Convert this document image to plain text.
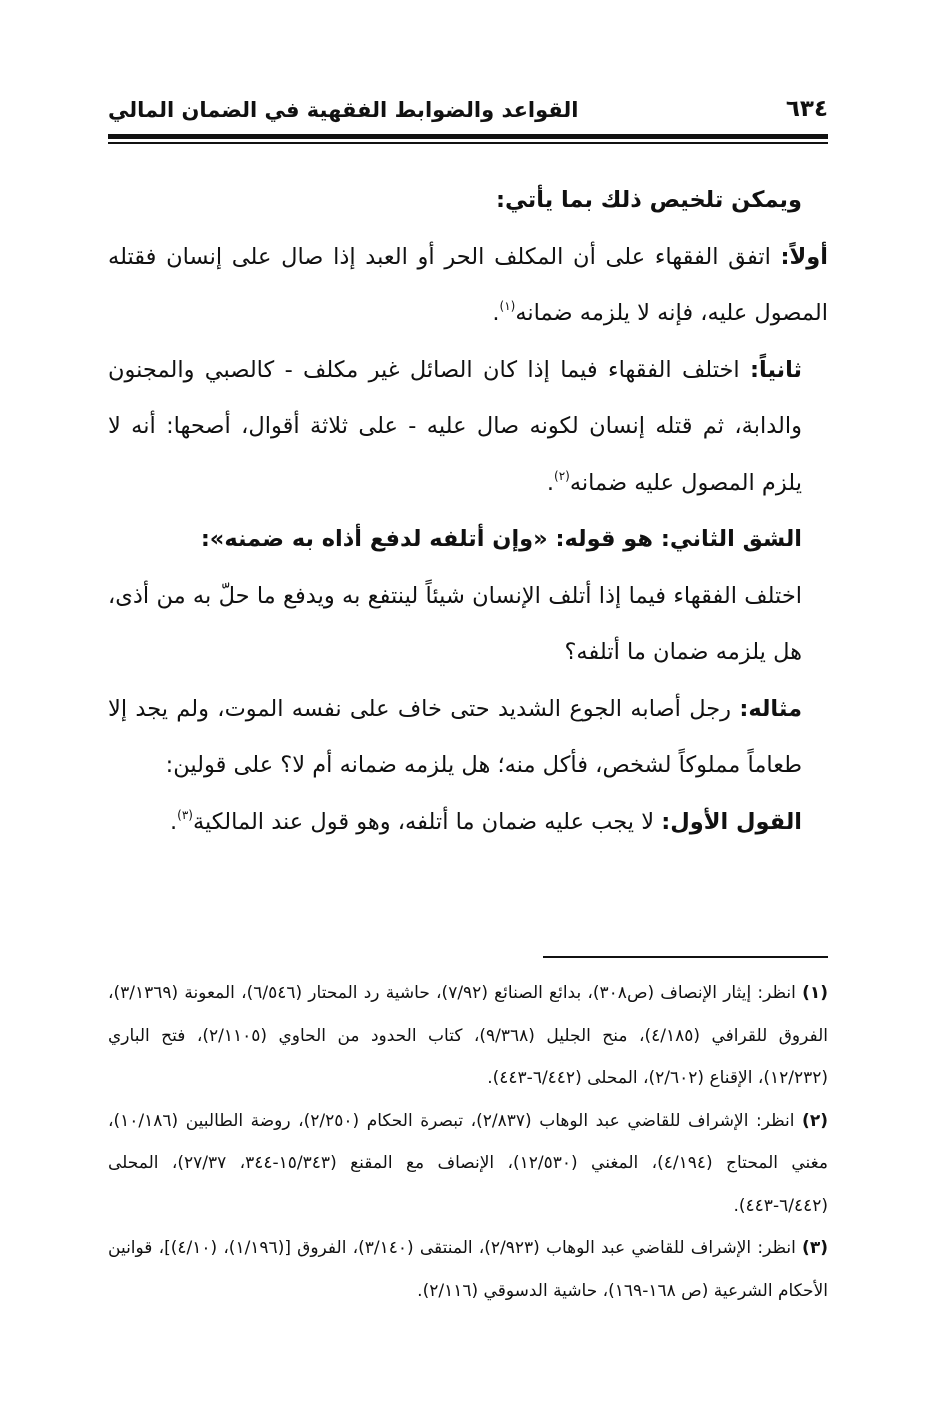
٦٣٤
القواعد والضوابط الفقهية في الضمان المالي

ويمكن تلخيص ذلك بما يأتي:

أولاً: اتفق الفقهاء على أن المكلف الحر أو العبد إذا صال على إنسان فقتله المصول عليه، فإنه لا يلزمه ضمانه$^{(١)}$.

ثانياً: اختلف الفقهاء فيما إذا كان الصائل غير مكلف - كالصبي والمجنون والدابة، ثم قتله إنسان لكونه صال عليه - على ثلاثة أقوال، أصحها: أنه لا يلزم المصول عليه ضمانه$^{(٢)}$.

الشق الثاني: هو قوله: «وإن أتلفه لدفع أذاه به ضمنه»:

اختلف الفقهاء فيما إذا أتلف الإنسان شيئاً لينتفع به ويدفع ما حلّ به من أذى، هل يلزمه ضمان ما أتلفه؟

مثاله: رجل أصابه الجوع الشديد حتى خاف على نفسه الموت، ولم يجد إلا طعاماً مملوكاً لشخص، فأكل منه؛ هل يلزمه ضمانه أم لا؟ على قولين:

القول الأول: لا يجب عليه ضمان ما أتلفه، وهو قول عند المالكية$^{(٣)}$.

(١) انظر: إيثار الإنصاف (ص٣٠٨)، بدائع الصنائع (٧/٩٢)، حاشية رد المحتار (٦/٥٤٦)، المعونة (٣/١٣٦٩)، الفروق للقرافي (٤/١٨٥)، منح الجليل (٩/٣٦٨)، كتاب الحدود من الحاوي (٢/١١٠٥)، فتح الباري (١٢/٢٣٢)، الإقناع (٢/٦٠٢)، المحلى (٦/٤٤٢-٤٤٣).

(٢) انظر: الإشراف للقاضي عبد الوهاب (٢/٨٣٧)، تبصرة الحكام (٢/٢٥٠)، روضة الطالبين (١٠/١٨٦)، مغني المحتاج (٤/١٩٤)، المغني (١٢/٥٣٠)، الإنصاف مع المقنع (١٥/٣٤٣-٣٤٤، ٢٧/٣٧)، المحلى (٦/٤٤٢-٤٤٣).

(٣) انظر: الإشراف للقاضي عبد الوهاب (٢/٩٢٣)، المنتقى (٣/١٤٠)، الفروق [(١/١٩٦)، (٤/١٠)]، قوانين الأحكام الشرعية (ص ١٦٨-١٦٩)، حاشية الدسوقي (٢/١١٦).
